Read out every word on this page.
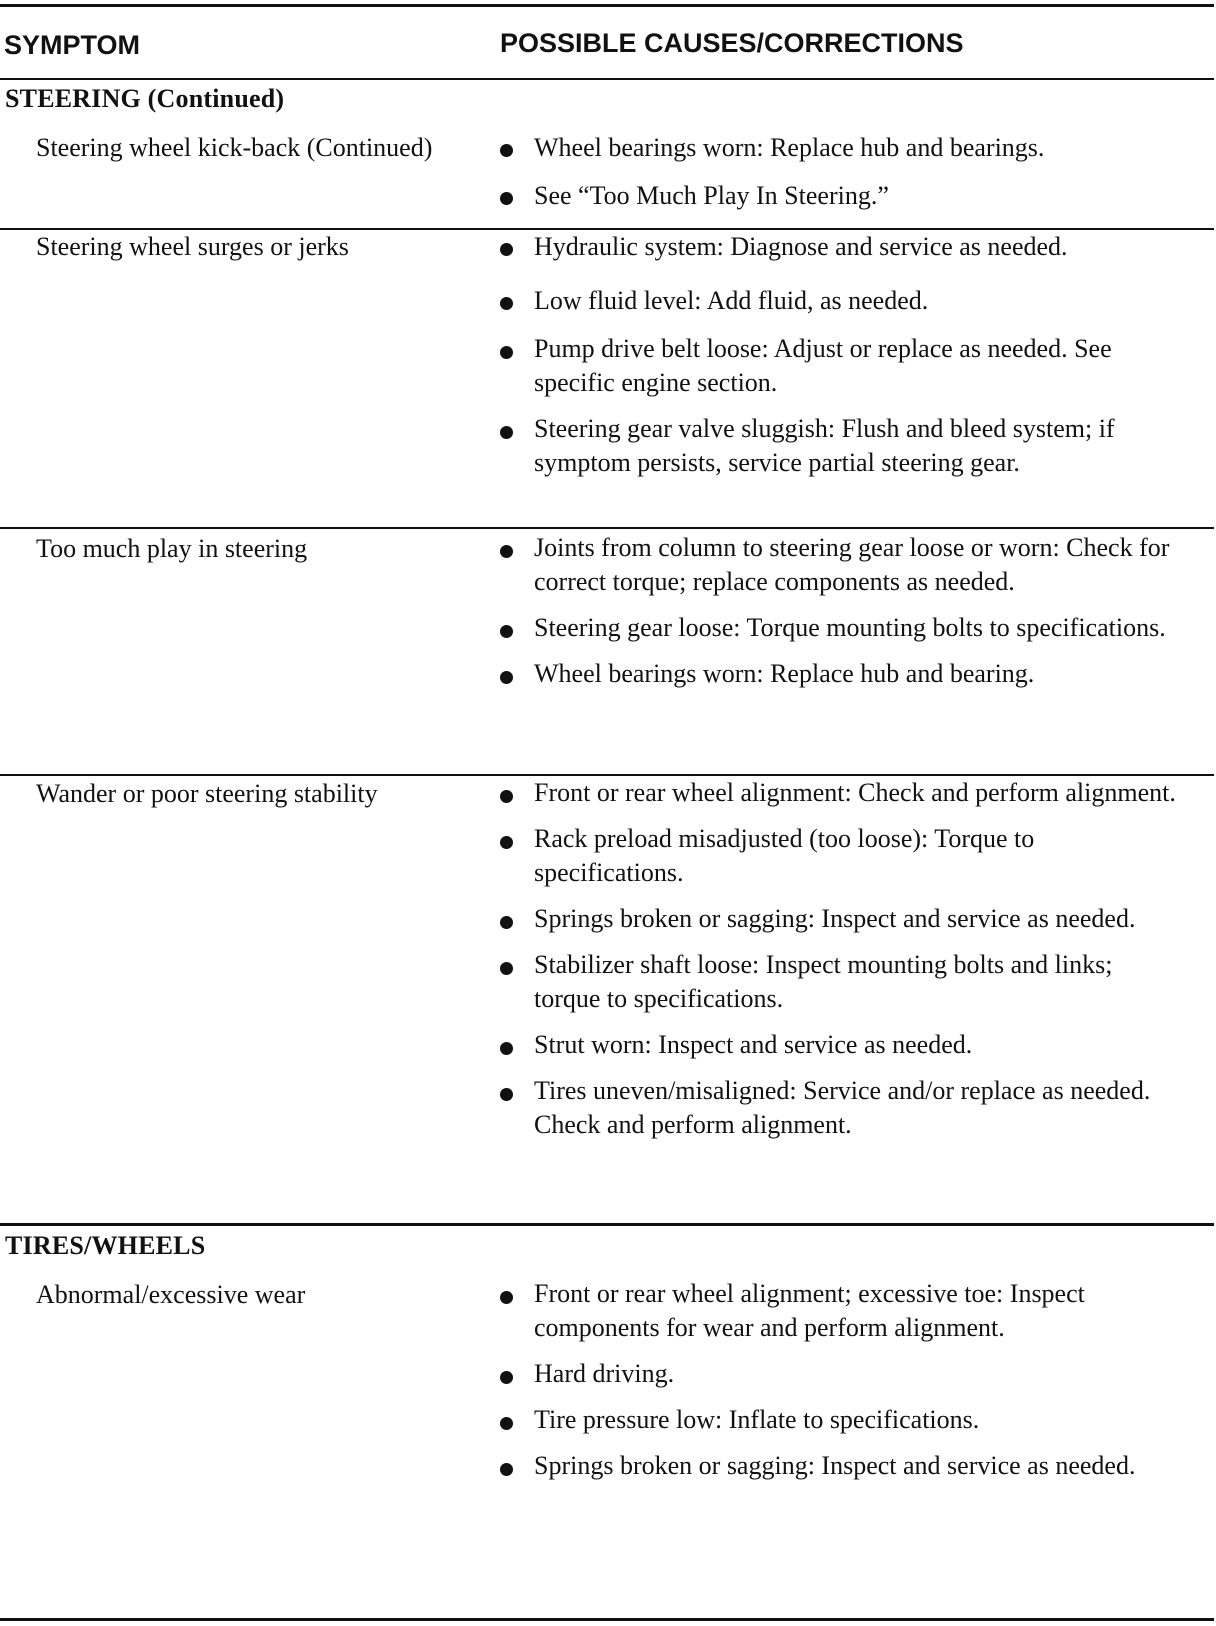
SYMPTOM	POSSIBLE CAUSES/CORRECTIONS
STEERING (Continued)
Steering wheel kick-back (Continued)	Wheel bearings worn: Replace hub and bearings.
See “Too Much Play In Steering.”
Steering wheel surges or jerks	Hydraulic system: Diagnose and service as needed.
Low fluid level: Add fluid, as needed.
Pump drive belt loose: Adjust or replace as needed. See specific engine section.
Steering gear valve sluggish: Flush and bleed system; if symptom persists, service partial steering gear.
Too much play in steering	Joints from column to steering gear loose or worn: Check for correct torque; replace components as needed.
Steering gear loose: Torque mounting bolts to specifications.
Wheel bearings worn: Replace hub and bearing.
Wander or poor steering stability	Front or rear wheel alignment: Check and perform alignment.
Rack preload misadjusted (too loose): Torque to specifications.
Springs broken or sagging: Inspect and service as needed.
Stabilizer shaft loose: Inspect mounting bolts and links; torque to specifications.
Strut worn: Inspect and service as needed.
Tires uneven/misaligned: Service and/or replace as needed. Check and perform alignment.
TIRES/WHEELS
Abnormal/excessive wear	Front or rear wheel alignment; excessive toe: Inspect components for wear and perform alignment.
Hard driving.
Tire pressure low: Inflate to specifications.
Springs broken or sagging: Inspect and service as needed.
